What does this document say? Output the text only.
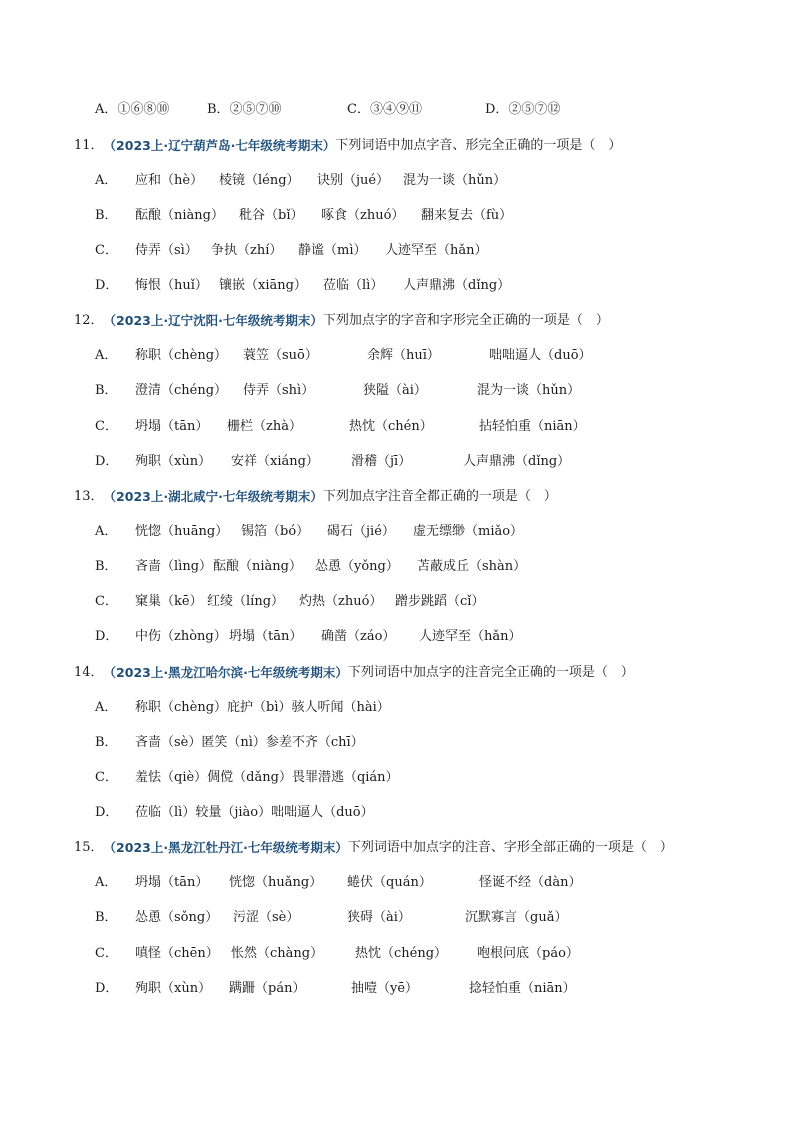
A．①⑥⑧⑩	B．②⑤⑦⑩	C．③④⑨⑪	D．②⑤⑦⑫
11． （2023上·辽宁葫芦岛·七年级统考期末） 下列词语中加点字音、形完全正确的一项是（　）
A．	应和（hè）	棱镜（léng）	诀别（jué）	混为一谈（hǔn）
B．	酝酿（niàng）	秕谷（bǐ）	啄食（zhuó）	翻来复去（fù）
C．	侍弄（sì）	争执（zhí）	静谧（mì）	人迹罕至（hǎn）
D．	悔恨（huǐ） 镶嵌（xiāng）	莅临（lì）	人声鼎沸（dǐng）
12． （2023上·辽宁沈阳·七年级统考期末） 下列加点字的字音和字形完全正确的一项是（　）
A．	称职（chèng）	蓑笠（suō）	余辉（huī）	咄咄逼人（duō）
B．	澄清（chéng）	侍弄（shì）	狭隘（ài）	混为一谈（hǔn）
C．	坍塌（tān）	栅栏（zhà）	热忱（chén）	拈轻怕重（niān）
D．	殉职（xùn）	安祥（xiáng）	滑稽（jī）	人声鼎沸（dǐng）
13． （2023上·湖北咸宁·七年级统考期末） 下列加点字注音全都正确的一项是（　）
A．	恍惚（huāng） 锡箔（bó）	碣石（jié）	虚无缥缈（miǎo）
B．	吝啬（lìng） 酝酿（niàng）	怂恿（yǒng）	苫蔽成丘（shàn）
C．	窠巢（kē） 红绫（líng）	灼热（zhuó） 蹭步跳蹈（cǐ）
D．	中伤（zhòng） 坍塌（tān）	确凿（záo）	人迹罕至（hǎn）
14． （2023上·黑龙江哈尔滨·七年级统考期末） 下列词语中加点字的注音完全正确的一项是（　）
A．	称职（chèng）庇护（bì）骇人听闻（hài）
B．	吝啬（sè）匿笑（nì）参差不齐（chī）
C．	羞怯（qiè）倜傥（dǎng）畏罪潜逃（qián）
D．	莅临（lì）较量（jiào）咄咄逼人（duō）
15． （2023上·黑龙江牡丹江·七年级统考期末） 下列词语中加点字的注音、字形全部正确的一项是（　）
A．	坍塌（tān）	恍惚（huǎng）	蜷伏（quán）	怪诞不经（dàn）
B．	怂恿（sǒng）	污涩（sè）	狭碍（ài）	沉默寡言（guǎ）
C．	嗔怪（chēn） 怅然（chàng）	热忱（chéng）	咆根问底（páo）
D．	殉职（xùn）	蹒跚（pán）	抽噎（yē）	捻轻怕重（niān）
